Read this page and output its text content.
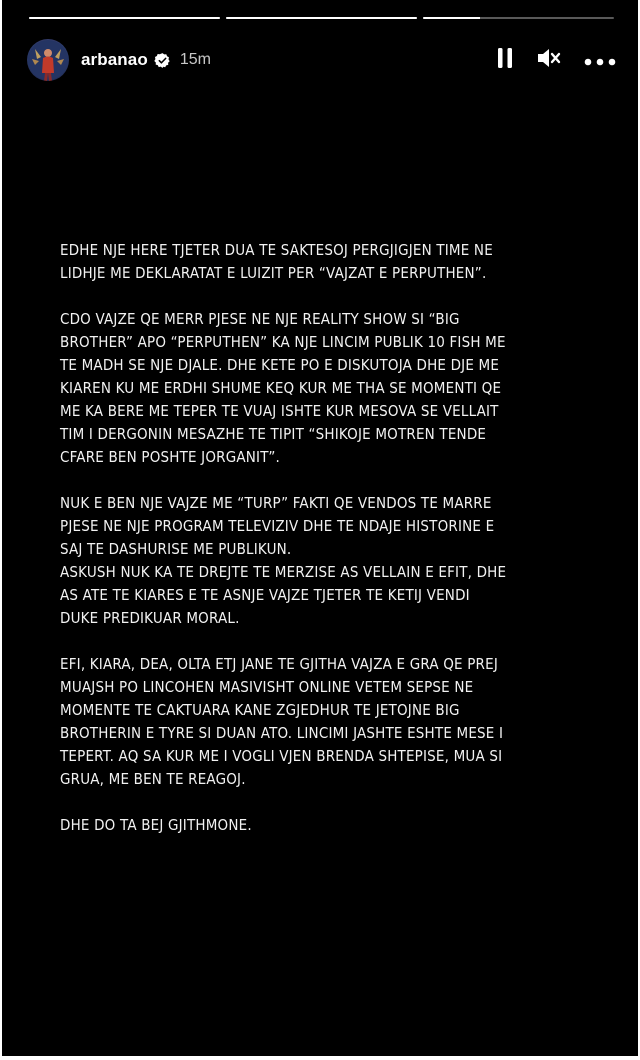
arbanao 15m

EDHE NJE HERE TJETER DUA TE SAKTESOJ PERGJIGJEN TIME NE
LIDHJE ME DEKLARATAT E LUIZIT PER “VAJZAT E PERPUTHEN”.

CDO VAJZE QE MERR PJESE NE NJE REALITY SHOW SI “BIG
BROTHER” APO “PERPUTHEN” KA NJE LINCIM PUBLIK 10 FISH ME
TE MADH SE NJE DJALE. DHE KETE PO E DISKUTOJA DHE DJE ME
KIAREN KU ME ERDHI SHUME KEQ KUR ME THA SE MOMENTI QE
ME KA BERE ME TEPER TE VUAJ ISHTE KUR MESOVA SE VELLAIT
TIM I DERGONIN MESAZHE TE TIPIT “SHIKOJE MOTREN TENDE
CFARE BEN POSHTE JORGANIT”.

NUK E BEN NJE VAJZE ME “TURP” FAKTI QE VENDOS TE MARRE
PJESE NE NJE PROGRAM TELEVIZIV DHE TE NDAJE HISTORINE E
SAJ TE DASHURISE ME PUBLIKUN.
ASKUSH NUK KA TE DREJTE TE MERZISE AS VELLAIN E EFIT, DHE
AS ATE TE KIARES E TE ASNJE VAJZE TJETER TE KETIJ VENDI
DUKE PREDIKUAR MORAL.

EFI, KIARA, DEA, OLTA ETJ JANE TE GJITHA VAJZA E GRA QE PREJ
MUAJSH PO LINCOHEN MASIVISHT ONLINE VETEM SEPSE NE
MOMENTE TE CAKTUARA KANE ZGJEDHUR TE JETOJNE BIG
BROTHERIN E TYRE SI DUAN ATO. LINCIMI JASHTE ESHTE MESE I
TEPERT. AQ SA KUR ME I VOGLI VJEN BRENDA SHTEPISE, MUA SI
GRUA, ME BEN TE REAGOJ.

DHE DO TA BEJ GJITHMONE.
